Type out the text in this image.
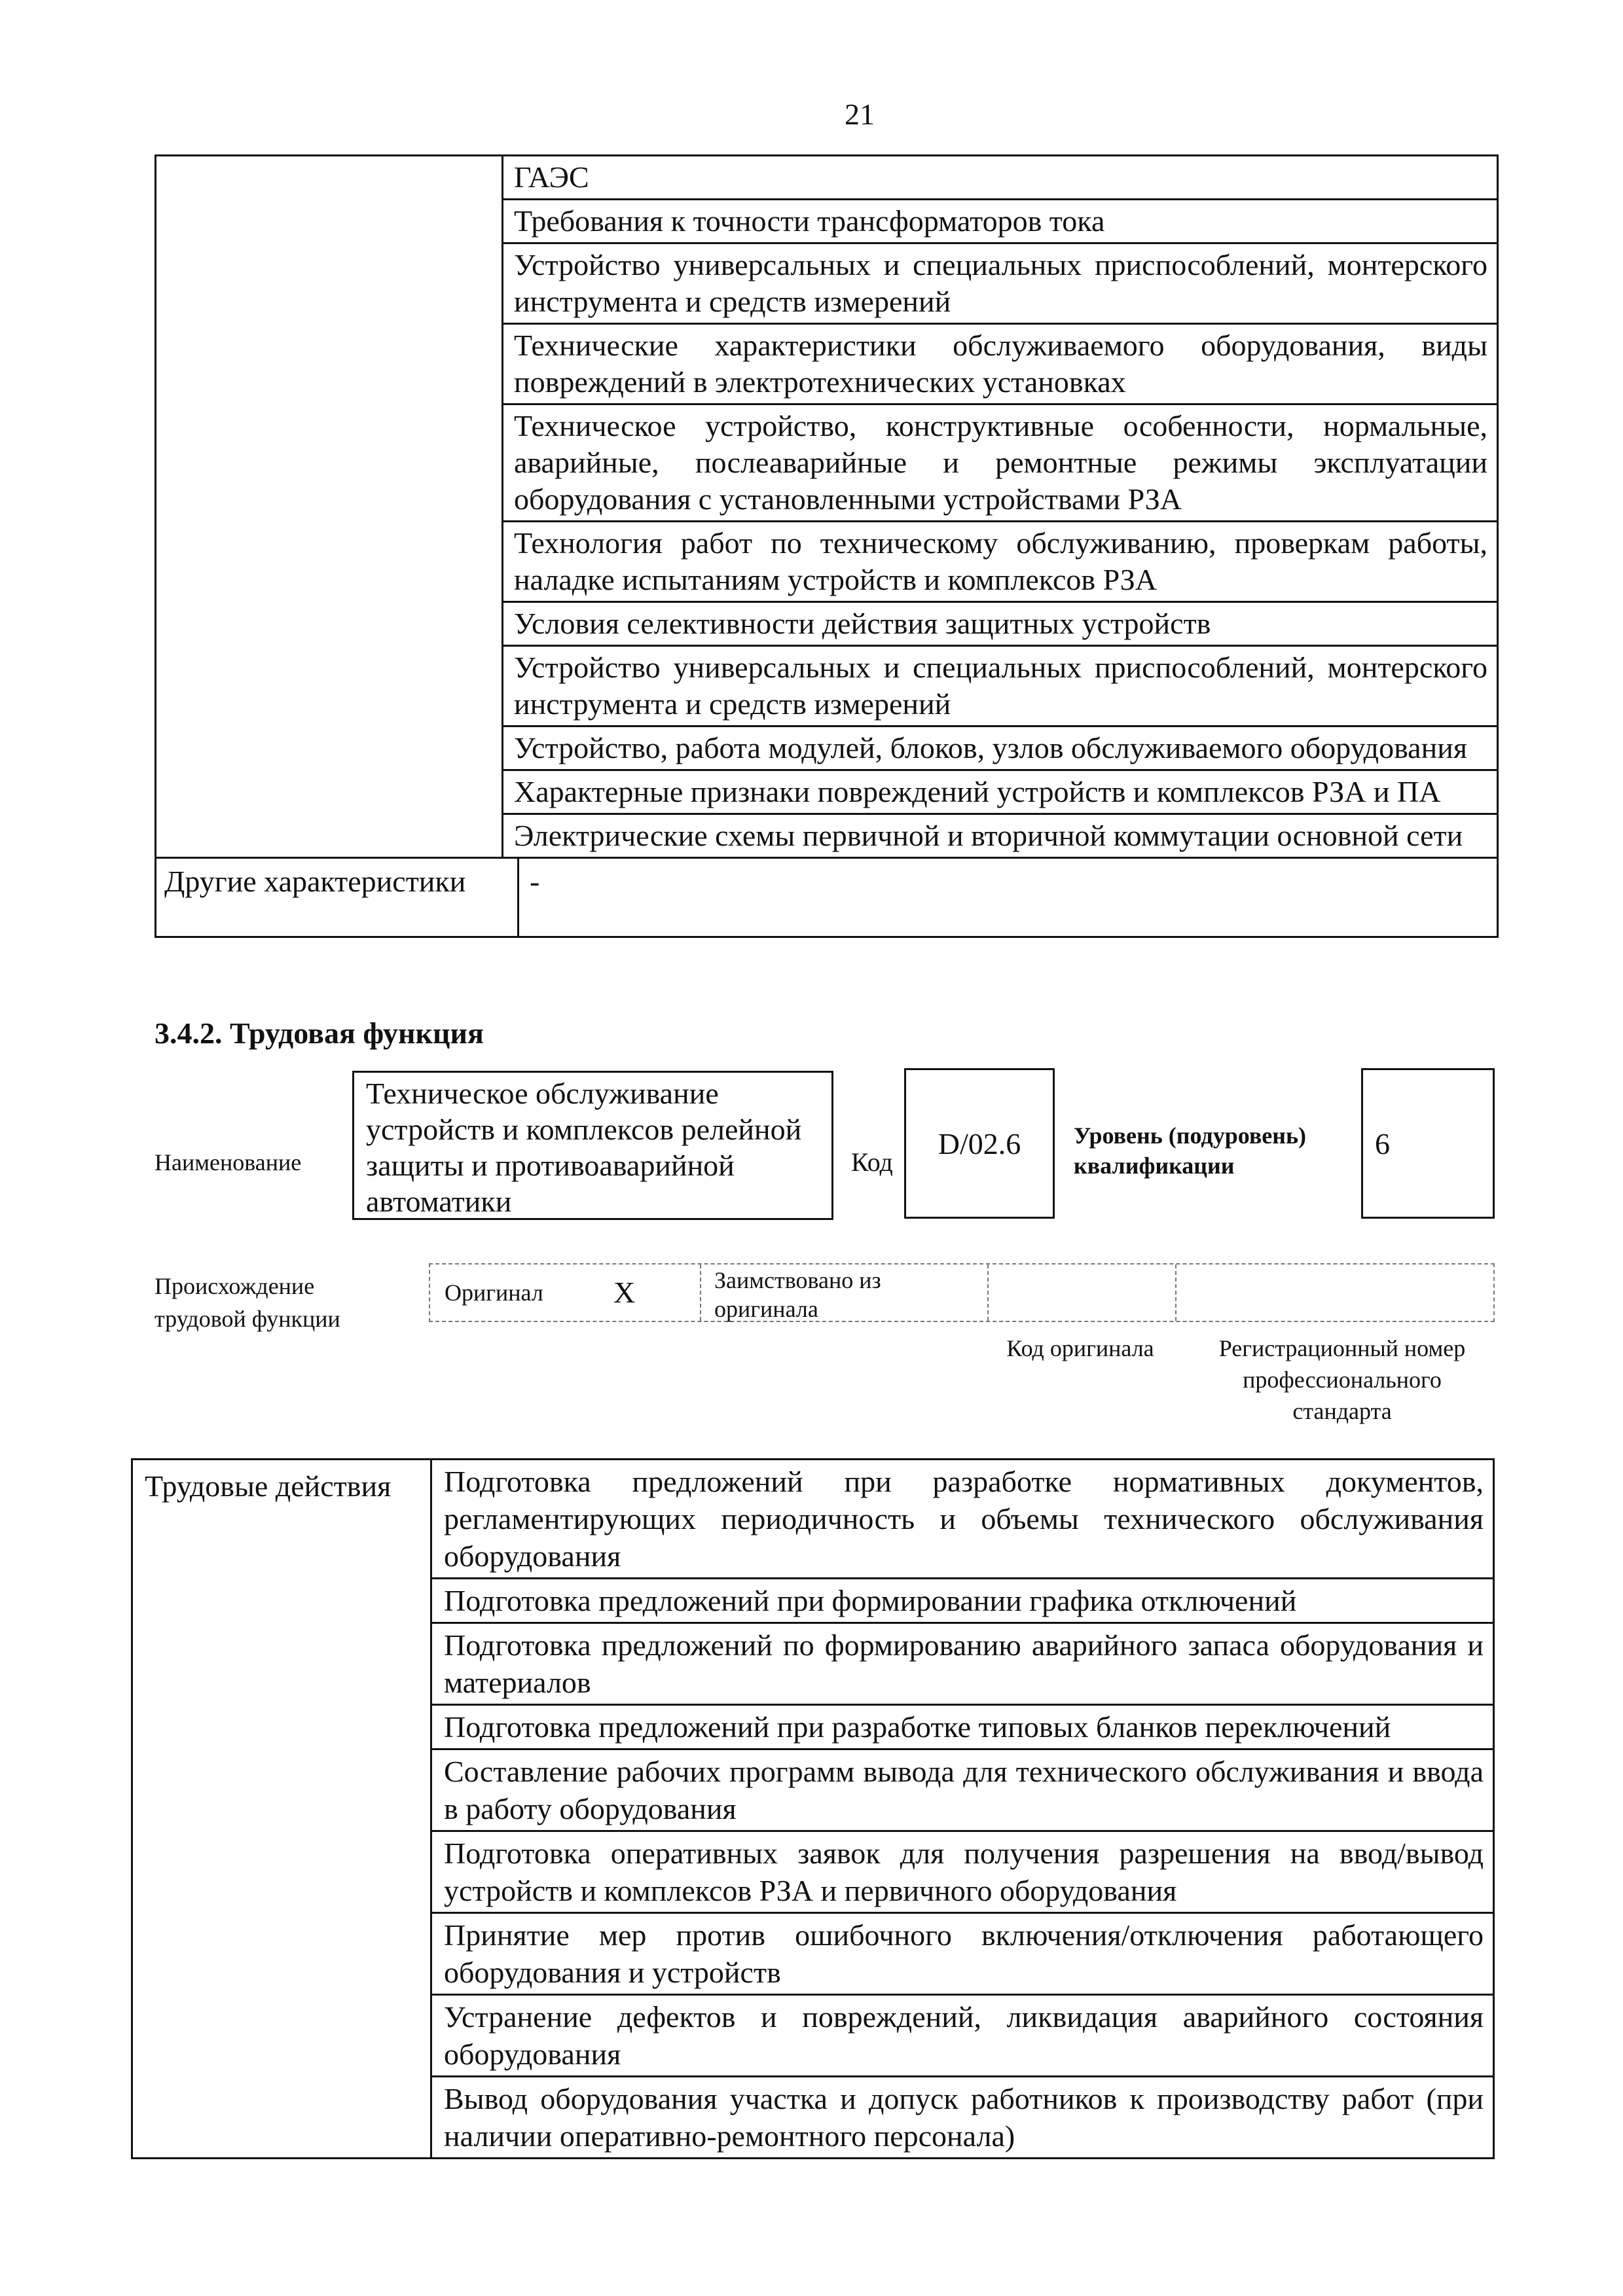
21
ГАЭС
Требования к точности трансформаторов тока
Устройство универсальных и специальных приспособлений, монтерского инструмента и средств измерений
Технические характеристики обслуживаемого оборудования, виды повреждений в электротехнических установках
Техническое устройство, конструктивные особенности, нормальные, аварийные, послеаварийные и ремонтные режимы эксплуатации оборудования с установленными устройствами РЗА
Технология работ по техническому обслуживанию, проверкам работы, наладке испытаниям устройств и комплексов РЗА
Условия селективности действия защитных устройств
Устройство универсальных и специальных приспособлений, монтерского инструмента и средств измерений
Устройство, работа модулей, блоков, узлов обслуживаемого оборудования
Характерные признаки повреждений устройств и комплексов РЗА и ПА
Электрические схемы первичной и вторичной коммутации основной сети
Другие характеристики	-
3.4.2. Трудовая функция
Наименование
Техническое обслуживание устройств и комплексов релейной защиты и противоаварийной автоматики
Код
D/02.6	Уровень (подуровень) квалификации
6
Происхождение трудовой функции
Оригинал X	Заимствовано из оригинала
Код оригинала	Регистрационный номер профессионального стандарта
Трудовые действия	Подготовка предложений при разработке нормативных документов, регламентирующих периодичность и объемы технического обслуживания оборудования
Подготовка предложений при формировании графика отключений
Подготовка предложений по формированию аварийного запаса оборудования и материалов
Подготовка предложений при разработке типовых бланков переключений
Составление рабочих программ вывода для технического обслуживания и ввода в работу оборудования
Подготовка оперативных заявок для получения разрешения на ввод/вывод устройств и комплексов РЗА и первичного оборудования
Принятие мер против ошибочного включения/отключения работающего оборудования и устройств
Устранение дефектов и повреждений, ликвидация аварийного состояния оборудования
Вывод оборудования участка и допуск работников к производству работ (при наличии оперативно-ремонтного персонала)
